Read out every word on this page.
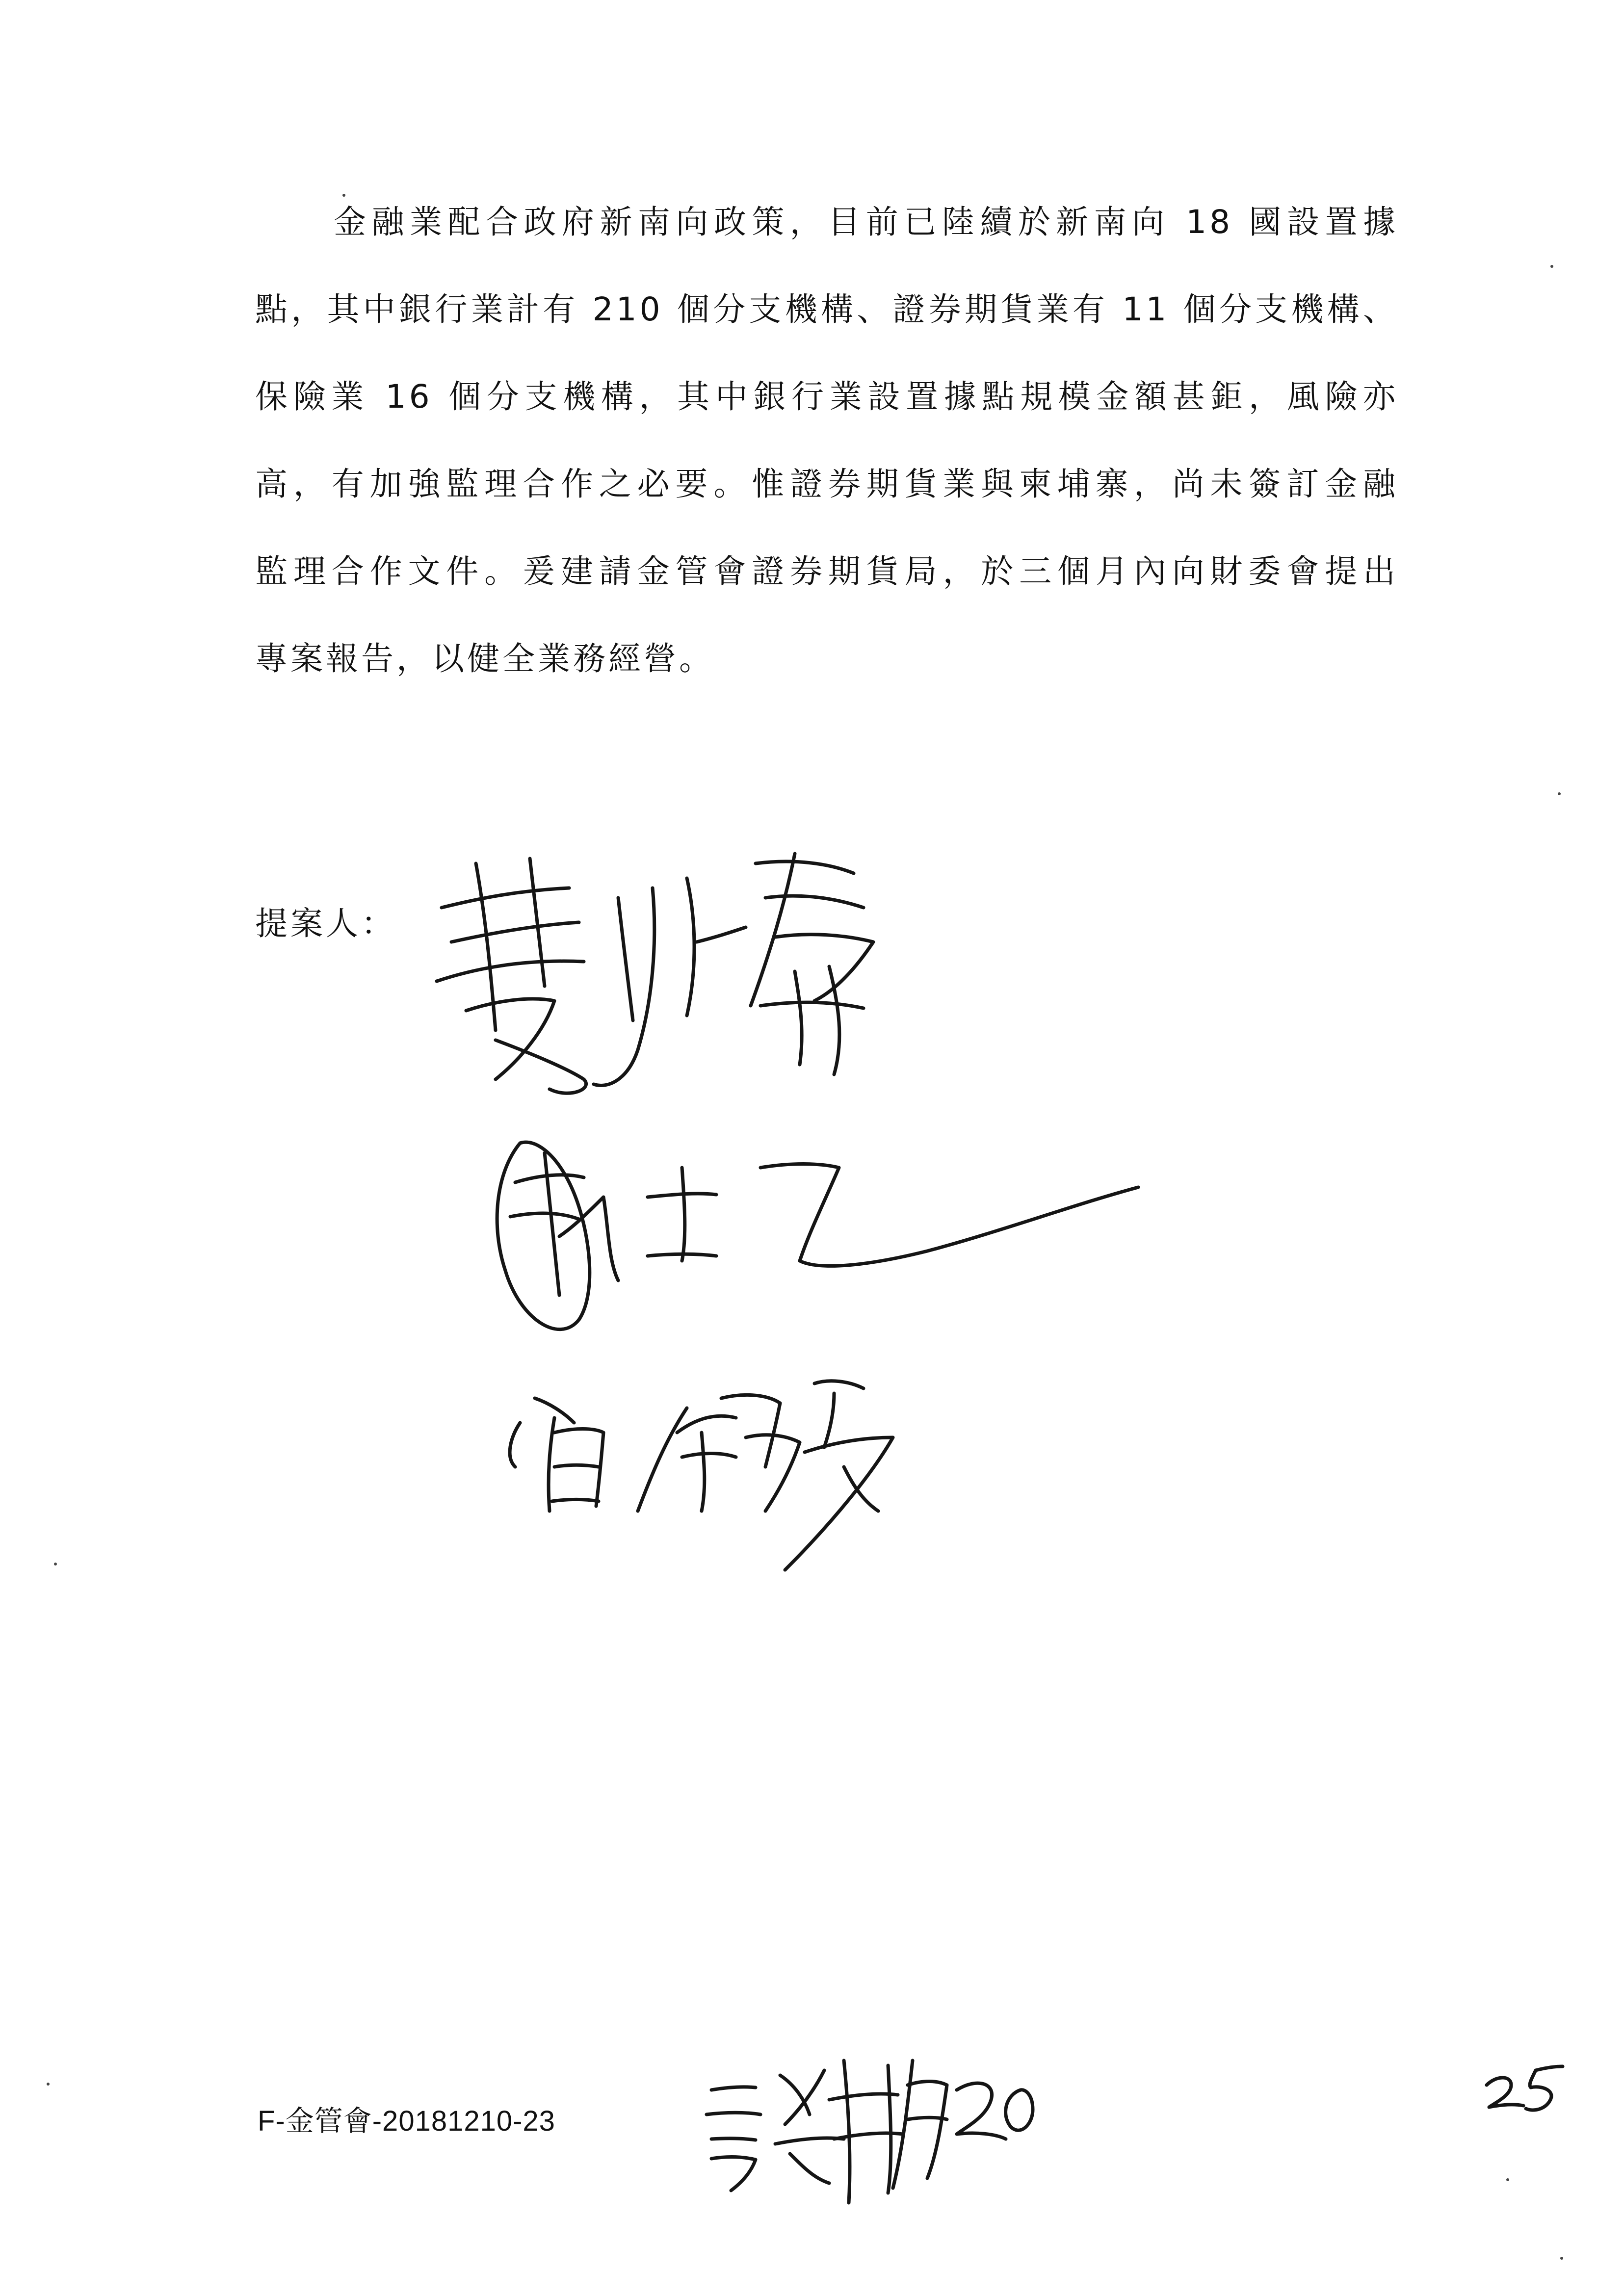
金融業配合政府新南向政策，目前已陸續於新南向 18 國設置據
點，其中銀行業計有 210 個分支機構、證券期貨業有 11 個分支機構、
保險業 16 個分支機構，其中銀行業設置據點規模金額甚鉅，風險亦
高，有加強監理合作之必要。惟證券期貨業與柬埔寨，尚未簽訂金融
監理合作文件。爰建請金管會證券期貨局，於三個月內向財委會提出
專案報告，以健全業務經營。
提案人：
F-金管會-20181210-23
